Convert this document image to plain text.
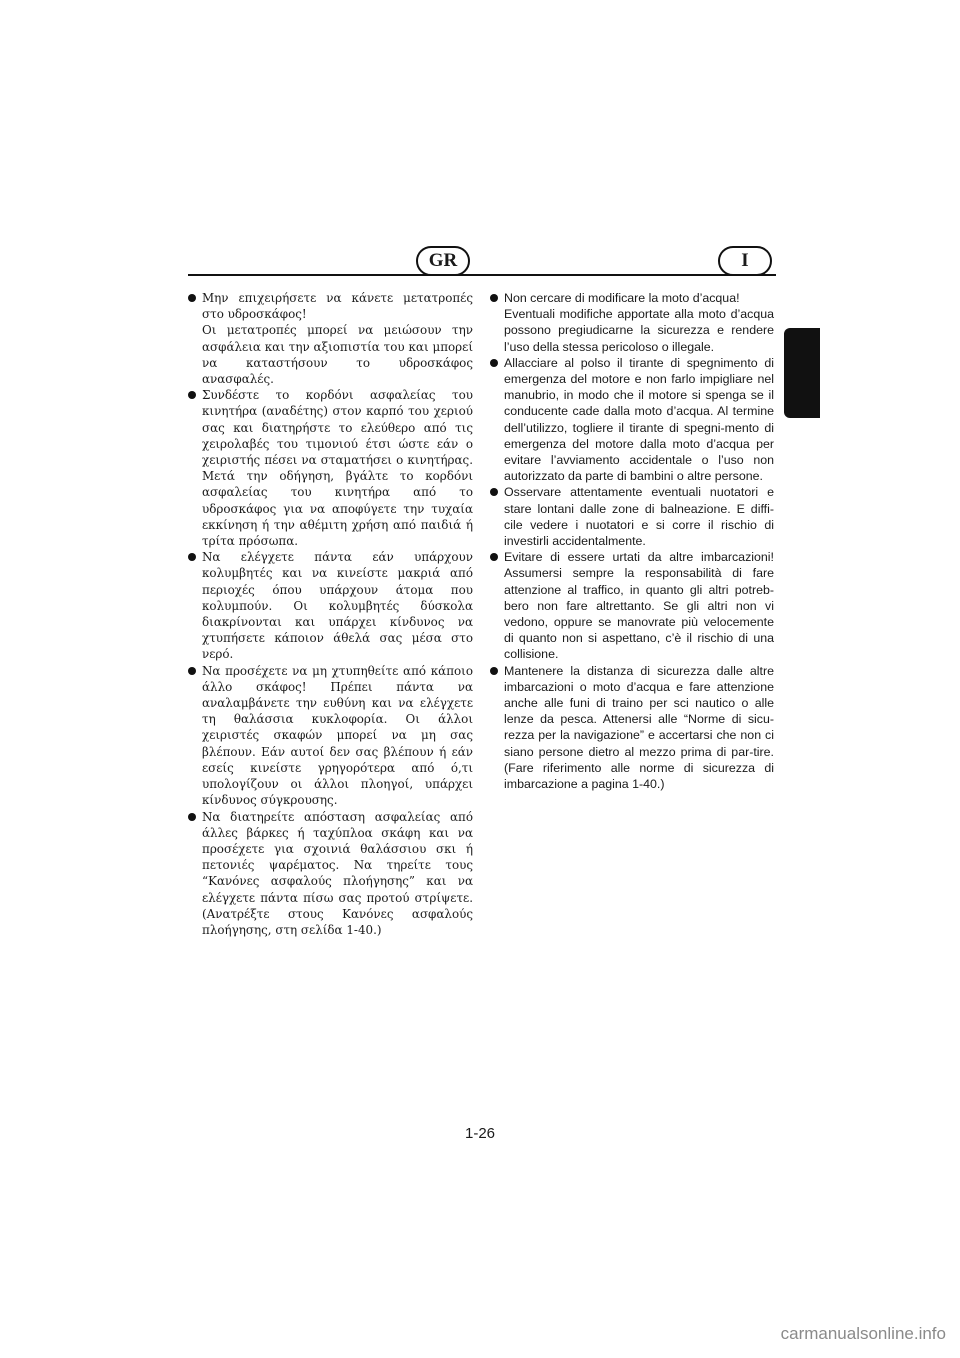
GR	I
Μην επιχειρήσετε να κάνετε μετατροπές στο υδροσκάφος!
Οι μετατροπές μπορεί να μειώσουν την ασφάλεια και την αξιοπιστία του και μπορεί να καταστήσουν το υδροσκάφος ανασφαλές.
Συνδέστε το κορδόνι ασφαλείας του κινητήρα (αναδέτης) στον καρπό του χεριού σας και διατηρήστε το ελεύθερο από τις χειρολαβές του τιμονιού έτσι ώστε εάν ο χειριστής πέσει να σταματήσει ο κινητήρας. Μετά την οδήγηση, βγάλτε το κορδόνι ασφαλείας του κινητήρα από το υδροσκάφος για να αποφύγετε την τυχαία εκκίνηση ή την αθέμιτη χρήση από παιδιά ή τρίτα πρόσωπα.
Να ελέγχετε πάντα εάν υπάρχουν κολυμβητές και να κινείστε μακριά από περιοχές όπου υπάρχουν άτομα που κολυμπούν. Οι κολυμβητές δύσκολα διακρίνονται και υπάρχει κίνδυνος να χτυπήσετε κάποιον άθελά σας μέσα στο νερό.
Να προσέχετε να μη χτυπηθείτε από κάποιο άλλο σκάφος! Πρέπει πάντα να αναλαμβάνετε την ευθύνη και να ελέγχετε τη θαλάσσια κυκλοφορία. Οι άλλοι χειριστές σκαφών μπορεί να μη σας βλέπουν. Εάν αυτοί δεν σας βλέπουν ή εάν εσείς κινείστε γρηγορότερα από ό,τι υπολογίζουν οι άλλοι πλοηγοί, υπάρχει κίνδυνος σύγκρουσης.
Να διατηρείτε απόσταση ασφαλείας από άλλες βάρκες ή ταχύπλοα σκάφη και να προσέχετε για σχοινιά θαλάσσιου σκι ή πετονιές ψαρέματος. Να τηρείτε τους “Κανόνες ασφαλούς πλοήγησης” και να ελέγχετε πάντα πίσω σας προτού στρίψετε. (Ανατρέξτε στους Κανόνες ασφαλούς πλοήγησης, στη σελίδα 1-40.)
Non cercare di modificare la moto d’acqua!
Eventuali modifiche apportate alla moto d’acqua possono pregiudicarne la sicurezza e rendere l’uso della stessa pericoloso o illegale.
Allacciare al polso il tirante di spegnimento di emergenza del motore e non farlo impigliare nel manubrio, in modo che il motore si spenga se il conducente cade dalla moto d’acqua. Al termine dell’utilizzo, togliere il tirante di spegni-mento di emergenza del motore dalla moto d’acqua per evitare l’avviamento accidentale o l’uso non autorizzato da parte di bambini o altre persone.
Osservare attentamente eventuali nuotatori e stare lontani dalle zone di balneazione. E diffi-cile vedere i nuotatori e si corre il rischio di investirli accidentalmente.
Evitare di essere urtati da altre imbarcazioni! Assumersi sempre la responsabilità di fare attenzione al traffico, in quanto gli altri potreb-bero non fare altrettanto. Se gli altri non vi vedono, oppure se manovrate più velocemente di quanto non si aspettano, c’è il rischio di una collisione.
Mantenere la distanza di sicurezza dalle altre imbarcazioni o moto d’acqua e fare attenzione anche alle funi di traino per sci nautico o alle lenze da pesca. Attenersi alle “Norme di sicu-rezza per la navigazione” e accertarsi che non ci siano persone dietro al mezzo prima di par-tire. (Fare riferimento alle norme di sicurezza di imbarcazione a pagina 1-40.)
1-26
carmanualsonline.info
